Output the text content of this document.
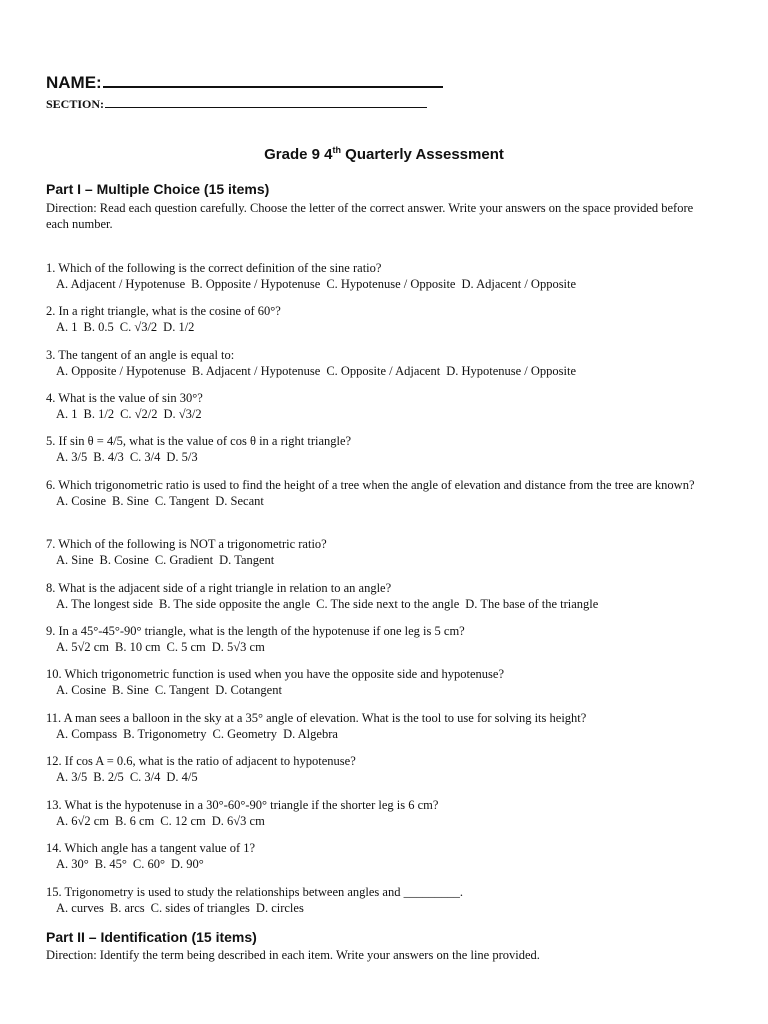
NAME:
SECTION:
Grade 9 4th Quarterly Assessment
Part I – Multiple Choice (15 items)
Direction: Read each question carefully. Choose the letter of the correct answer. Write your answers on the space provided before each number.
1. Which of the following is the correct definition of the sine ratio?
A. Adjacent / Hypotenuse B. Opposite / Hypotenuse C. Hypotenuse / Opposite D. Adjacent / Opposite
2. In a right triangle, what is the cosine of 60°?
A. 1 B. 0.5 C. √3/2 D. 1/2
3. The tangent of an angle is equal to:
A. Opposite / Hypotenuse B. Adjacent / Hypotenuse C. Opposite / Adjacent D. Hypotenuse / Opposite
4. What is the value of sin 30°?
A. 1 B. 1/2 C. √2/2 D. √3/2
5. If sin θ = 4/5, what is the value of cos θ in a right triangle?
A. 3/5 B. 4/3 C. 3/4 D. 5/3
6. Which trigonometric ratio is used to find the height of a tree when the angle of elevation and distance from the tree are known?
A. Cosine B. Sine C. Tangent D. Secant
7. Which of the following is NOT a trigonometric ratio?
A. Sine B. Cosine C. Gradient D. Tangent
8. What is the adjacent side of a right triangle in relation to an angle?
A. The longest side B. The side opposite the angle C. The side next to the angle D. The base of the triangle
9. In a 45°-45°-90° triangle, what is the length of the hypotenuse if one leg is 5 cm?
A. 5√2 cm B. 10 cm C. 5 cm D. 5√3 cm
10. Which trigonometric function is used when you have the opposite side and hypotenuse?
A. Cosine B. Sine C. Tangent D. Cotangent
11. A man sees a balloon in the sky at a 35° angle of elevation. What is the tool to use for solving its height?
A. Compass B. Trigonometry C. Geometry D. Algebra
12. If cos A = 0.6, what is the ratio of adjacent to hypotenuse?
A. 3/5 B. 2/5 C. 3/4 D. 4/5
13. What is the hypotenuse in a 30°-60°-90° triangle if the shorter leg is 6 cm?
A. 6√2 cm B. 6 cm C. 12 cm D. 6√3 cm
14. Which angle has a tangent value of 1?
A. 30° B. 45° C. 60° D. 90°
15. Trigonometry is used to study the relationships between angles and _________.
A. curves B. arcs C. sides of triangles D. circles
Part II – Identification (15 items)
Direction: Identify the term being described in each item. Write your answers on the line provided.
